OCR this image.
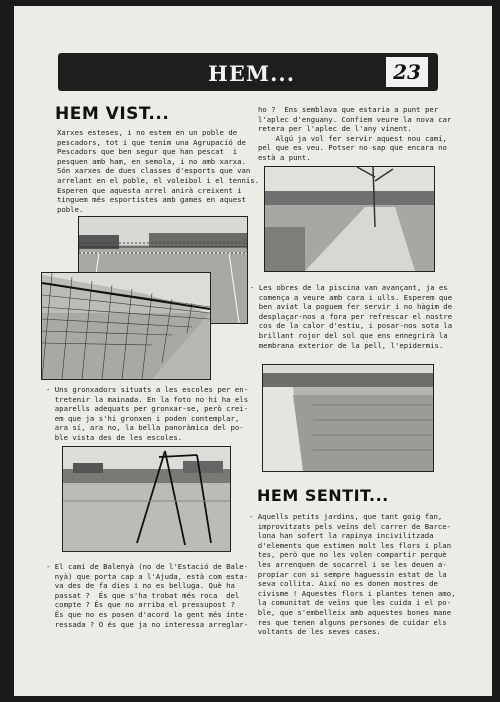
HEM...	23
HEM VIST...

Xarxes esteses, i no estem en un poble de
pescadors, tot i que tenim una Agrupació de
Pescadors que ben segur que han pescat  i
pesquen amb ham, en semola, i no amb xarxa.
Són xarxes de dues classes d'esports que van
arrelant en el poble, el voleibol i el tennis.
Esperen que aquesta arrel anirà creixent i
tinguem més esportistes amb games en aquest
poble.

- Uns gronxadors situats a les escoles per en-
tretenir la mainada. En la foto no hi ha els
aparells adequats per gronxar-se, però crei-
em que ja s'hi gronxen i poden contemplar,
ara sí, ara no, la bella panoràmica del po-
ble vista des de les escoles.

- El camí de Balenyà (no de l'Estació de Bale-
nyà) que porta cap a l'Ajuda, està com esta-
va des de fa dies i no es belluga. Què ha
passat ?  És que s'ha trobat més roca  del
compte ? És que no arriba el pressupost ?
És que no es posen d'acord la gent més inte-
ressada ? O és que ja no interessa arreglar-

ho ?  Ens semblava que estaria a punt per
l'aplec d'enguany. Confiem veure la nova car
retera per l'aplec de l'any vinent.
Algú ja vol fer servir aquest nou camí,
pel que es veu. Potser no sap que encara no
està a punt.

- Les obres de la piscina van avançant, ja es
comença a veure amb cara i ulls. Esperem que
ben aviat la poguem fer servir i no hàgim de
desplaçar-nos a fora per refrescar el nostre
cos de la calor d'estiu, i posar-nos sota la
brillant rojor del sol que ens ennegrirà la
membrana exterior de la pell, l'epidermis.

HEM SENTIT...

- Aquells petits jardins, que tant goig fan,
improvitzats pels veïns del carrer de Barce-
lona han sofert la rapinya incivilitzada
d'elements que estimen molt les flors i plan
tes, però que no les volen compartir perquè
les arrenquen de socarrel i se les deuen a-
propiar con si sempre haguessin estat de la
seva collita. Així no es donen mostres de
civisme ! Aquestes flors i plantes tenen amo,
la comunitat de veïns que les cuida i el po-
ble, que s'embelleix amb aquestes bones mane
res que tenen alguns persones de cuidar els
voltants de les seves cases.
